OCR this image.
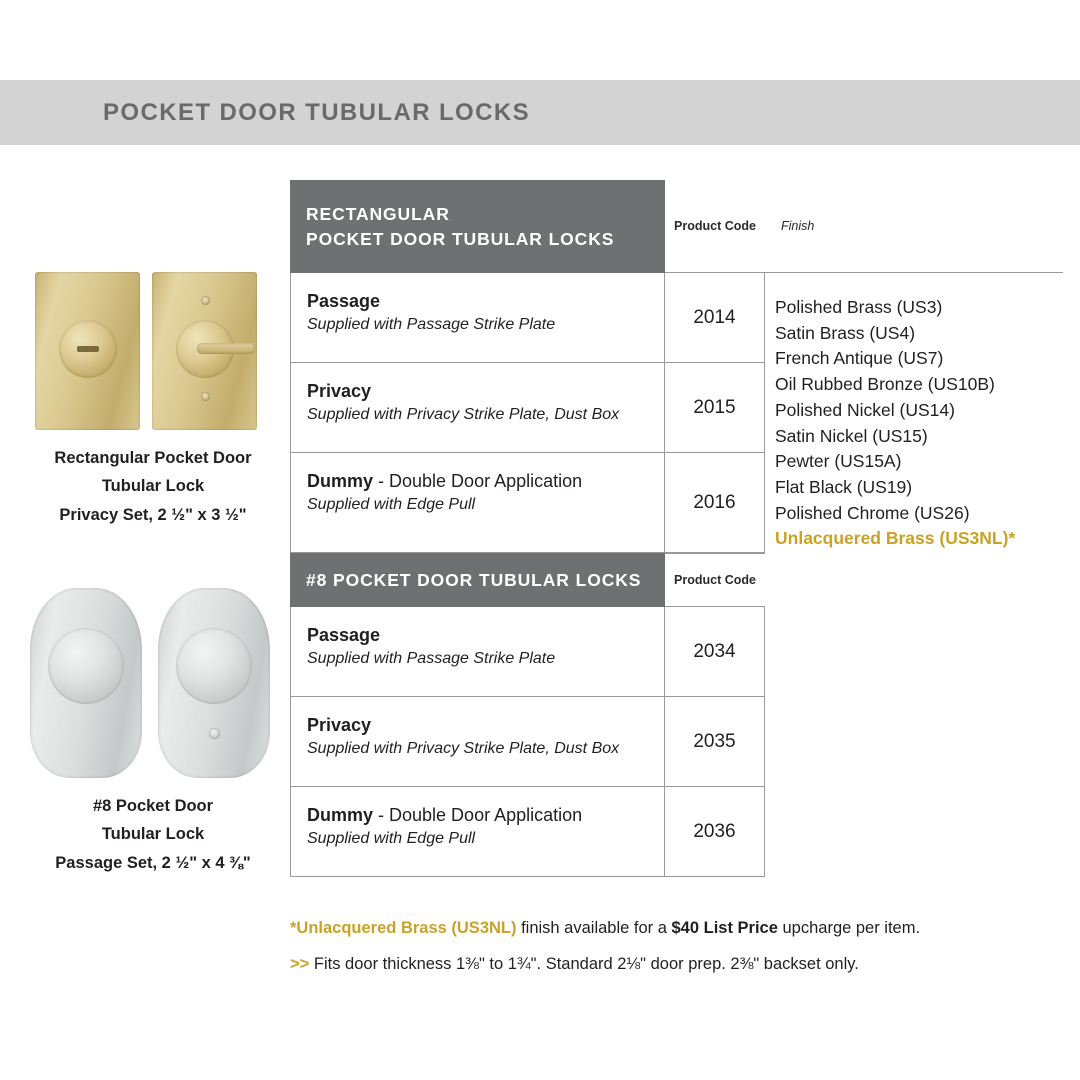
POCKET DOOR TUBULAR LOCKS
Rectangular Pocket Door
Tubular Lock
Privacy Set, 2 ½" x 3 ½"
#8 Pocket Door
Tubular Lock
Passage Set, 2 ½" x 4 ⅜"
RECTANGULAR
POCKET DOOR TUBULAR LOCKS
Product Code	Finish
Passage
Supplied with Passage Strike Plate	2014
Privacy
Supplied with Privacy Strike Plate, Dust Box	2015
Dummy - Double Door Application
Supplied with Edge Pull	2016
#8 POCKET DOOR TUBULAR LOCKS	Product Code
Passage
Supplied with Passage Strike Plate	2034
Privacy
Supplied with Privacy Strike Plate, Dust Box	2035
Dummy - Double Door Application
Supplied with Edge Pull	2036
Polished Brass (US3)
Satin Brass (US4)
French Antique (US7)
Oil Rubbed Bronze (US10B)
Polished Nickel (US14)
Satin Nickel (US15)
Pewter (US15A)
Flat Black (US19)
Polished Chrome (US26)
Unlacquered Brass (US3NL)*
*Unlacquered Brass (US3NL) finish available for a $40 List Price upcharge per item.
>> Fits door thickness 1⅜" to 1¾". Standard 2⅛" door prep. 2⅜" backset only.
